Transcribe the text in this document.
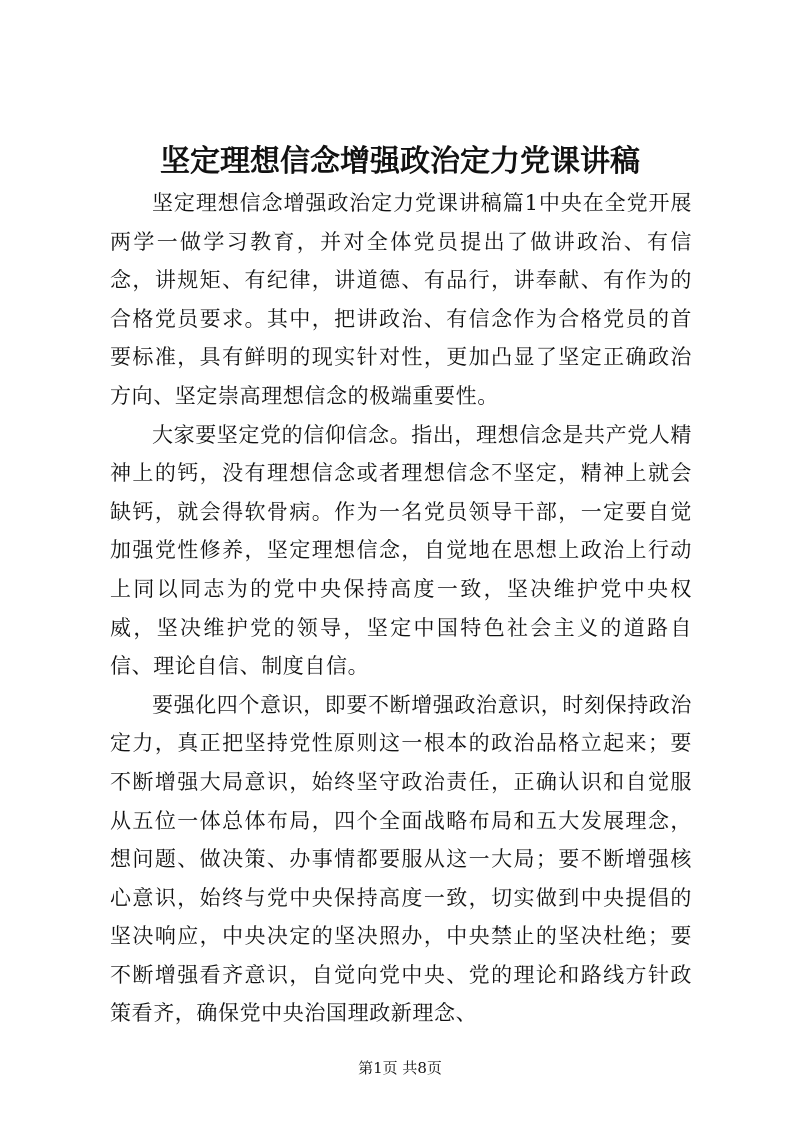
坚定理想信念增强政治定力党课讲稿

坚定理想信念增强政治定力党课讲稿篇1中央在全党开展两学一做学习教育，并对全体党员提出了做讲政治、有信念，讲规矩、有纪律，讲道德、有品行，讲奉献、有作为的合格党员要求。其中，把讲政治、有信念作为合格党员的首要标准，具有鲜明的现实针对性，更加凸显了坚定正确政治方向、坚定崇高理想信念的极端重要性。

大家要坚定党的信仰信念。指出，理想信念是共产党人精神上的钙，没有理想信念或者理想信念不坚定，精神上就会缺钙，就会得软骨病。作为一名党员领导干部，一定要自觉加强党性修养，坚定理想信念，自觉地在思想上政治上行动上同以同志为的党中央保持高度一致，坚决维护党中央权威，坚决维护党的领导，坚定中国特色社会主义的道路自信、理论自信、制度自信。

要强化四个意识，即要不断增强政治意识，时刻保持政治定力，真正把坚持党性原则这一根本的政治品格立起来；要不断增强大局意识，始终坚守政治责任，正确认识和自觉服从五位一体总体布局，四个全面战略布局和五大发展理念，想问题、做决策、办事情都要服从这一大局；要不断增强核心意识，始终与党中央保持高度一致，切实做到中央提倡的坚决响应，中央决定的坚决照办，中央禁止的坚决杜绝；要不断增强看齐意识，自觉向党中央、党的理论和路线方针政策看齐，确保党中央治国理政新理念、

第1页 共8页
